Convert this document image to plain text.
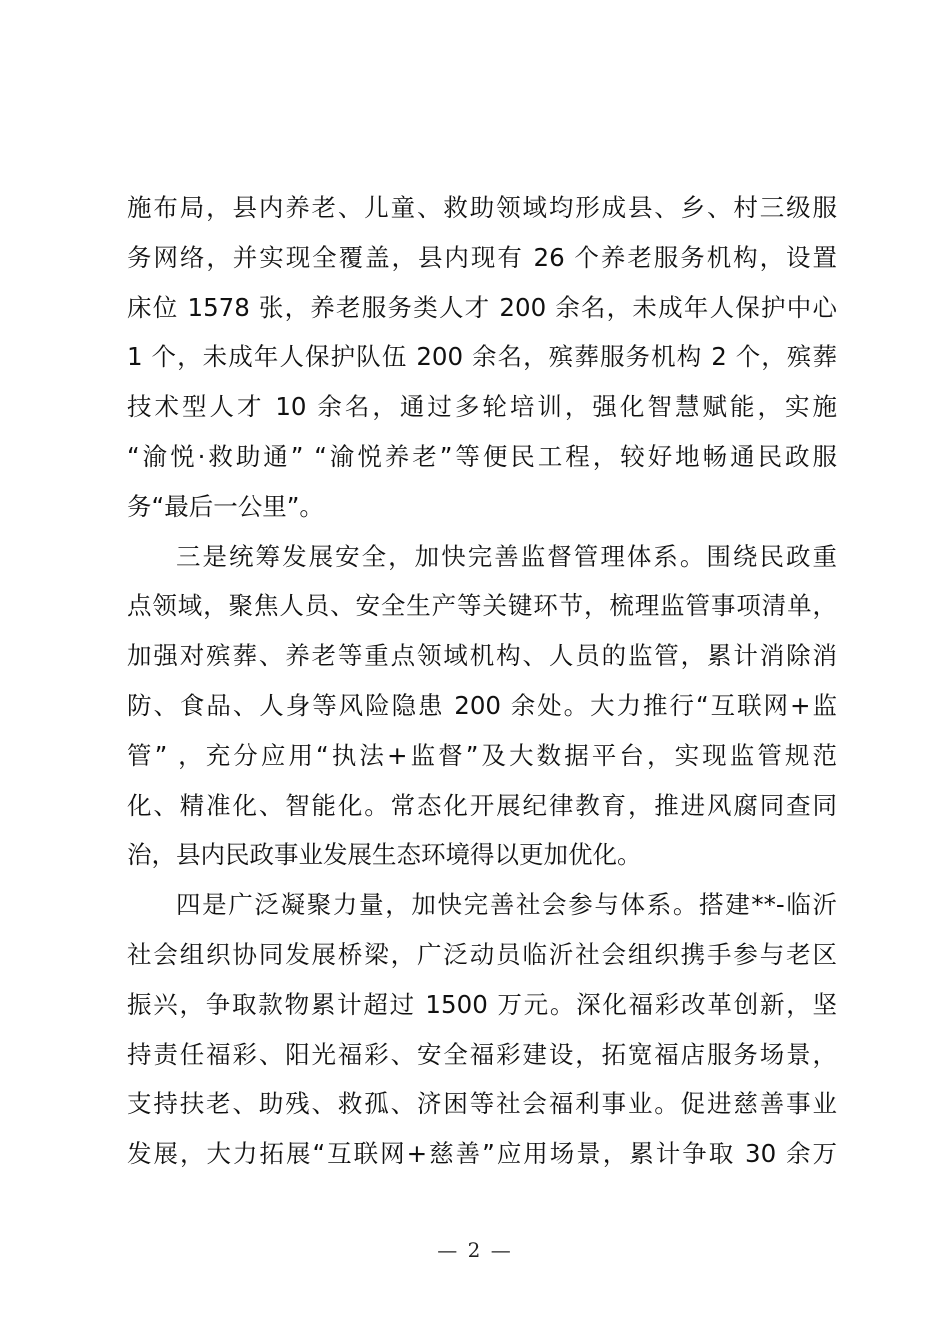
施布局，县内养老、儿童、救助领域均形成县、乡、村三级服
务网络，并实现全覆盖，县内现有 26 个养老服务机构，设置
床位 1578 张，养老服务类人才 200 余名，未成年人保护中心
1 个，未成年人保护队伍 200 余名，殡葬服务机构 2 个，殡葬
技术型人才 10 余名，通过多轮培训，强化智慧赋能，实施
“渝悦·救助通” “渝悦养老”等便民工程，较好地畅通民政服
务“最后一公里”。
三是统筹发展安全，加快完善监督管理体系。围绕民政重
点领域，聚焦人员、安全生产等关键环节，梳理监管事项清单，
加强对殡葬、养老等重点领域机构、人员的监管，累计消除消
防、食品、人身等风险隐患 200 余处。大力推行“互联网+监
管” ，充分应用“执法+监督”及大数据平台，实现监管规范
化、精准化、智能化。常态化开展纪律教育，推进风腐同查同
治，县内民政事业发展生态环境得以更加优化。
四是广泛凝聚力量，加快完善社会参与体系。搭建**-临沂
社会组织协同发展桥梁，广泛动员临沂社会组织携手参与老区
振兴，争取款物累计超过 1500 万元。深化福彩改革创新，坚
持责任福彩、阳光福彩、安全福彩建设，拓宽福店服务场景，
支持扶老、助残、救孤、济困等社会福利事业。促进慈善事业
发展，大力拓展“互联网+慈善”应用场景，累计争取 30 余万
— 2 —
